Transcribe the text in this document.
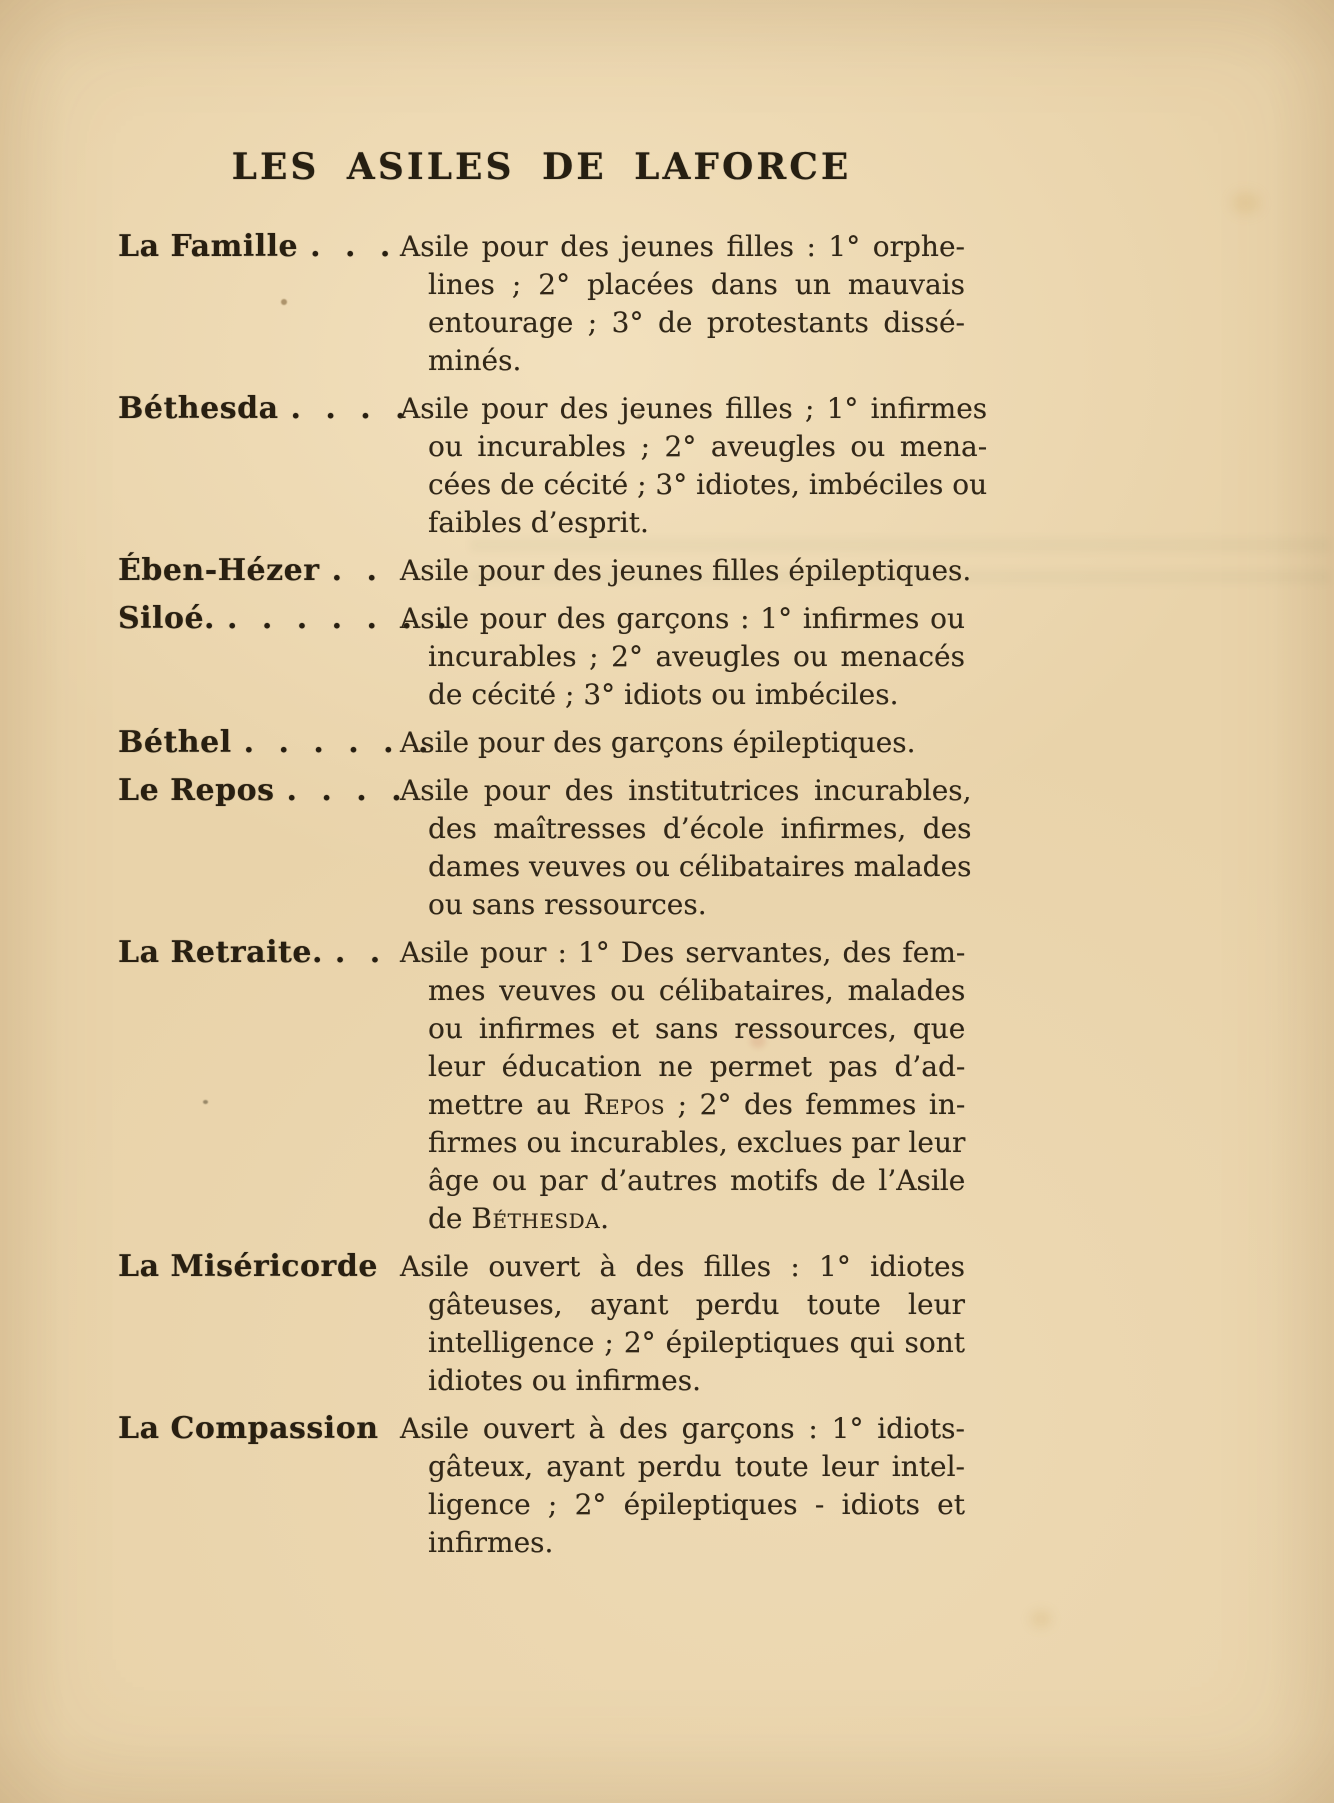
LES ASILES DE LAFORCE
La Famille . . . Asile pour des jeunes filles : 1° orphe-
lines ; 2° placées dans un mauvais
entourage ; 3° de protestants dissé-
minés.
Béthesda . . . .
Asile pour des jeunes filles ; 1° infirmes
ou incurables ; 2° aveugles ou mena-
cées de cécité ; 3° idiotes, imbéciles ou
faibles d’esprit.
Ében-Hézer . . Asile pour des jeunes filles épileptiques.
Siloé. . . . . . . .
Asile pour des garçons : 1° infirmes ou
incurables ; 2° aveugles ou menacés
de cécité ; 3° idiots ou imbéciles.
Béthel . . . . . .
Asile pour des garçons épileptiques.
Le Repos . . . .
Asile pour des institutrices incurables,
des maîtresses d’école infirmes, des
dames veuves ou célibataires malades
ou sans ressources.
La Retraite. . . Asile pour : 1° Des servantes, des fem-
mes veuves ou célibataires, malades
ou infirmes et sans ressources, que
leur éducation ne permet pas d’ad-
mettre au Repos ; 2° des femmes in-
firmes ou incurables, exclues par leur
âge ou par d’autres motifs de l’Asile
de Béthesda.
La Miséricorde Asile ouvert à des filles : 1° idiotes
gâteuses, ayant perdu toute leur
intelligence ; 2° épileptiques qui sont
idiotes ou infirmes.
La Compassion Asile ouvert à des garçons : 1° idiots-
gâteux, ayant perdu toute leur intel-
ligence ; 2° épileptiques - idiots et
infirmes.
